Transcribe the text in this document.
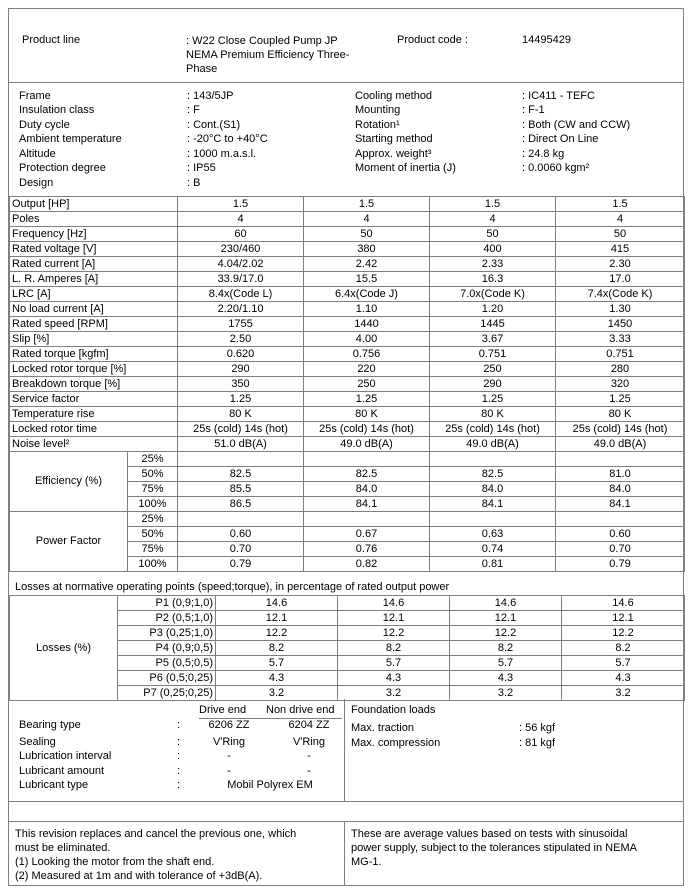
Product line	: W22 Close Coupled Pump JP
NEMA Premium Efficiency Three-
Phase
Product code :	14495429
Frame	: 143/5JP
Insulation class	: F
Duty cycle	: Cont.(S1)
Ambient temperature	: -20°C to +40°C
Altitude	: 1000 m.a.s.l.
Protection degree	: IP55
Design	: B
Cooling method	: IC411 - TEFC
Mounting	: F-1
Rotation¹	: Both (CW and CCW)
Starting method	: Direct On Line
Approx. weight³	: 24.8 kg
Moment of inertia (J)	: 0.0060 kgm²
Output [HP]	1.5	1.5	1.5	1.5
Poles	4	4	4	4
Frequency [Hz]	60	50	50	50
Rated voltage [V]	230/460	380	400	415
Rated current [A]	4.04/2.02	2.42	2.33	2.30
L. R. Amperes [A]	33.9/17.0	15.5	16.3	17.0
LRC [A]	8.4x(Code L)	6.4x(Code J)	7.0x(Code K)	7.4x(Code K)
No load current [A]	2.20/1.10	1.10	1.20	1.30
Rated speed [RPM]	1755	1440	1445	1450
Slip [%]	2.50	4.00	3.67	3.33
Rated torque [kgfm]	0.620	0.756	0.751	0.751
Locked rotor torque [%]	290	220	250	280
Breakdown torque [%]	350	250	290	320
Service factor	1.25	1.25	1.25	1.25
Temperature rise	80 K	80 K	80 K	80 K
Locked rotor time	25s (cold) 14s (hot)	25s (cold) 14s (hot)	25s (cold) 14s (hot)	25s (cold) 14s (hot)
Noise level²	51.0 dB(A)	49.0 dB(A)	49.0 dB(A)	49.0 dB(A)
Efficiency (%)	25%				
	50%	82.5	82.5	82.5	81.0
	75%	85.5	84.0	84.0	84.0
	100%	86.5	84.1	84.1	84.1
Power Factor	25%				
	50%	0.60	0.67	0.63	0.60
	75%	0.70	0.76	0.74	0.70
	100%	0.79	0.82	0.81	0.79
Losses at normative operating points (speed;torque), in percentage of rated output power
Losses (%)	P1 (0,9;1,0)	14.6	14.6	14.6	14.6
	P2 (0,5;1,0)	12.1	12.1	12.1	12.1
	P3 (0,25;1,0)	12.2	12.2	12.2	12.2
	P4 (0,9;0,5)	8.2	8.2	8.2	8.2
	P5 (0,5;0,5)	5.7	5.7	5.7	5.7
	P6 (0,5;0,25)	4.3	4.3	4.3	4.3
	P7 (0,25;0,25)	3.2	3.2	3.2	3.2
Drive end Non drive end
Bearing type	:	6206 ZZ	6204 ZZ
Sealing	:	V'Ring	V'Ring
Lubrication interval	:	-	-
Lubricant amount	:	-	-
Lubricant type	:	Mobil Polyrex EM
Foundation loads
Max. traction	: 56 kgf
Max. compression	: 81 kgf
This revision replaces and cancel the previous one, which
must be eliminated.
(1) Looking the motor from the shaft end.
(2) Measured at 1m and with tolerance of +3dB(A).
These are average values based on tests with sinusoidal
power supply, subject to the tolerances stipulated in NEMA
MG-1.
